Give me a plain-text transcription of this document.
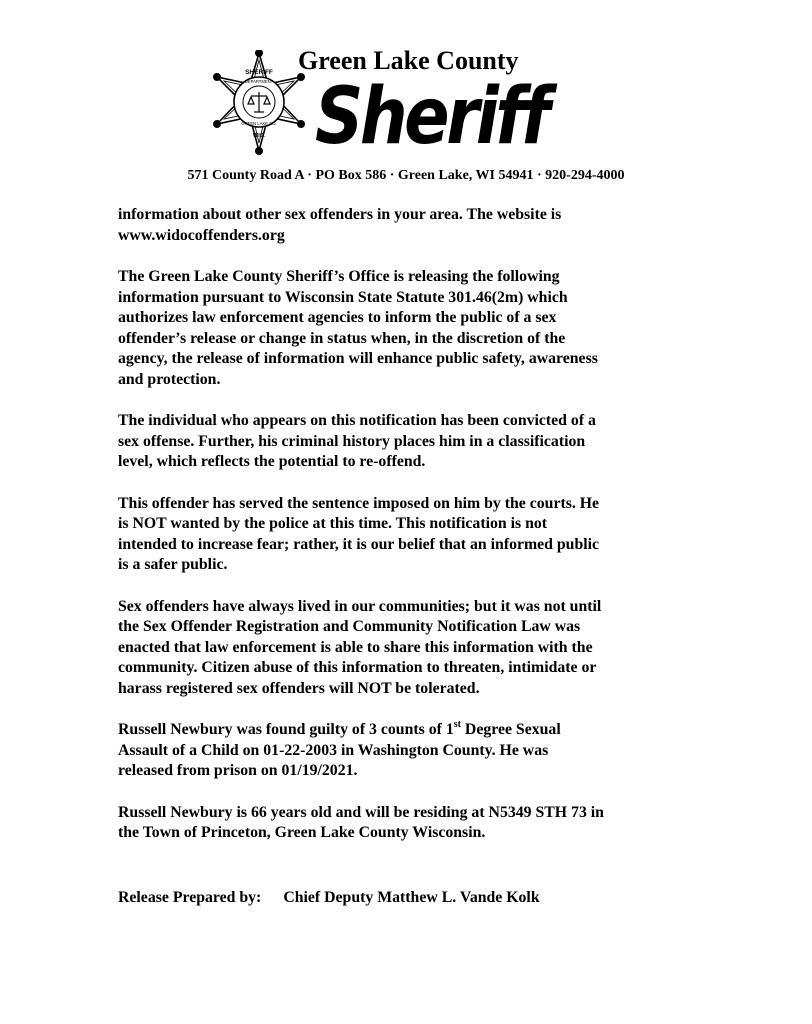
SHERIFF
DEPARTMENT
GREEN LAKE CO.
WIS.
Green Lake County
Sheriff
571 County Road A · PO Box 586 · Green Lake, WI 54941 · 920-294-4000

information about other sex offenders in your area. The website is
www.widocoffenders.org

The Green Lake County Sheriff’s Office is releasing the following
information pursuant to Wisconsin State Statute 301.46(2m) which
authorizes law enforcement agencies to inform the public of a sex
offender’s release or change in status when, in the discretion of the
agency, the release of information will enhance public safety, awareness
and protection.

The individual who appears on this notification has been convicted of a
sex offense. Further, his criminal history places him in a classification
level, which reflects the potential to re-offend.

This offender has served the sentence imposed on him by the courts. He
is NOT wanted by the police at this time. This notification is not
intended to increase fear; rather, it is our belief that an informed public
is a safer public.

Sex offenders have always lived in our communities; but it was not until
the Sex Offender Registration and Community Notification Law was
enacted that law enforcement is able to share this information with the
community. Citizen abuse of this information to threaten, intimidate or
harass registered sex offenders will NOT be tolerated.

Russell Newbury was found guilty of 3 counts of 1st Degree Sexual
Assault of a Child on 01-22-2003 in Washington County. He was
released from prison on 01/19/2021.

Russell Newbury is 66 years old and will be residing at N5349 STH 73 in
the Town of Princeton, Green Lake County Wisconsin.

Release Prepared by: Chief Deputy Matthew L. Vande Kolk
